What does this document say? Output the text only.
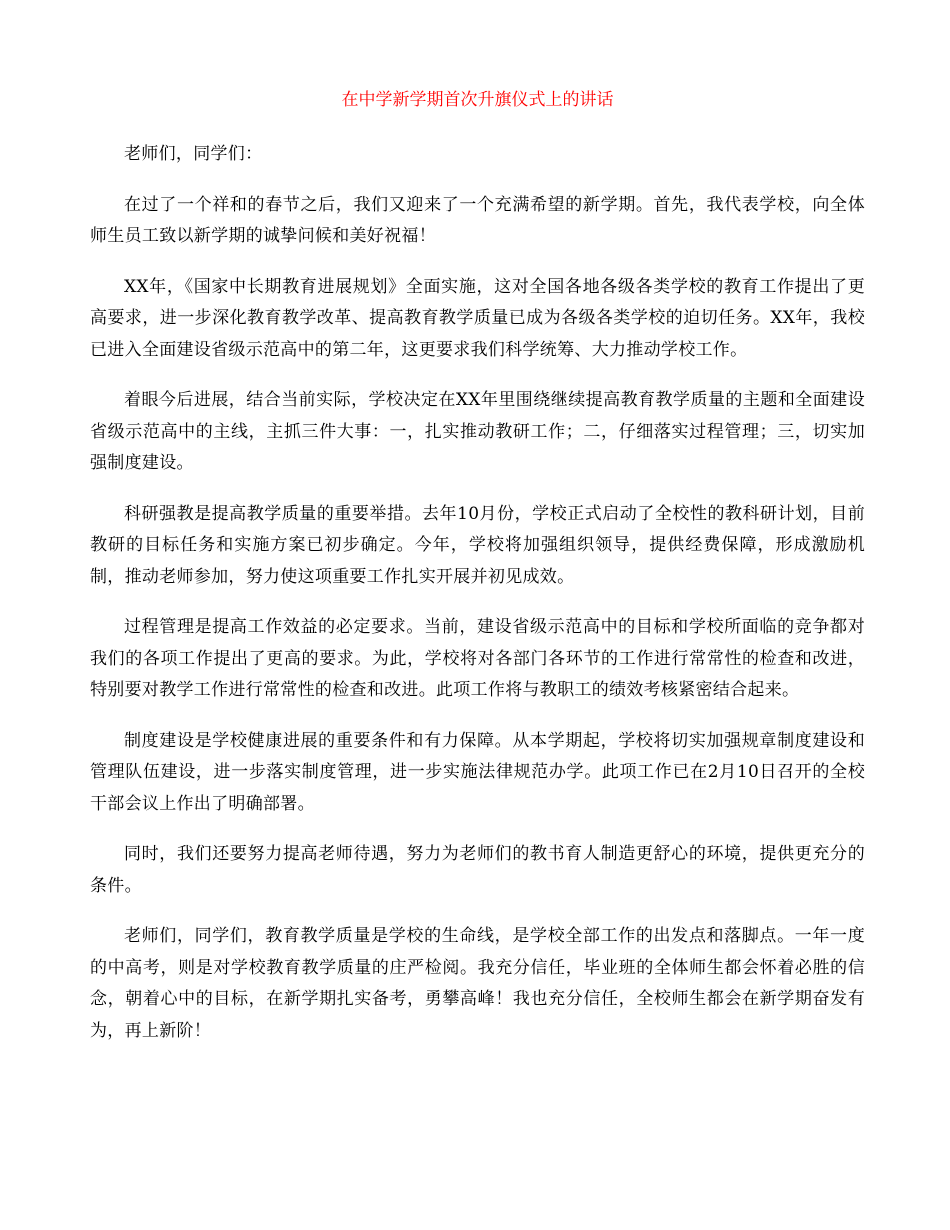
在中学新学期首次升旗仪式上的讲话

老师们，同学们：

在过了一个祥和的春节之后，我们又迎来了一个充满希望的新学期。首先，我代表学校，向全体师生员工致以新学期的诚挚问候和美好祝福！

XX年，《国家中长期教育进展规划》全面实施，这对全国各地各级各类学校的教育工作提出了更高要求，进一步深化教育教学改革、提高教育教学质量已成为各级各类学校的迫切任务。XX年，我校已进入全面建设省级示范高中的第二年，这更要求我们科学统筹、大力推动学校工作。

着眼今后进展，结合当前实际，学校决定在XX年里围绕继续提高教育教学质量的主题和全面建设省级示范高中的主线，主抓三件大事：一，扎实推动教研工作；二，仔细落实过程管理；三，切实加强制度建设。

科研强教是提高教学质量的重要举措。去年10月份，学校正式启动了全校性的教科研计划，目前教研的目标任务和实施方案已初步确定。今年，学校将加强组织领导，提供经费保障，形成激励机制，推动老师参加，努力使这项重要工作扎实开展并初见成效。

过程管理是提高工作效益的必定要求。当前，建设省级示范高中的目标和学校所面临的竞争都对我们的各项工作提出了更高的要求。为此，学校将对各部门各环节的工作进行常常性的检查和改进，特别要对教学工作进行常常性的检查和改进。此项工作将与教职工的绩效考核紧密结合起来。

制度建设是学校健康进展的重要条件和有力保障。从本学期起，学校将切实加强规章制度建设和管理队伍建设，进一步落实制度管理，进一步实施法律规范办学。此项工作已在2月10日召开的全校干部会议上作出了明确部署。

同时，我们还要努力提高老师待遇，努力为老师们的教书育人制造更舒心的环境，提供更充分的条件。

老师们，同学们，教育教学质量是学校的生命线，是学校全部工作的出发点和落脚点。一年一度的中高考，则是对学校教育教学质量的庄严检阅。我充分信任，毕业班的全体师生都会怀着必胜的信念，朝着心中的目标，在新学期扎实备考，勇攀高峰！我也充分信任，全校师生都会在新学期奋发有为，再上新阶！
